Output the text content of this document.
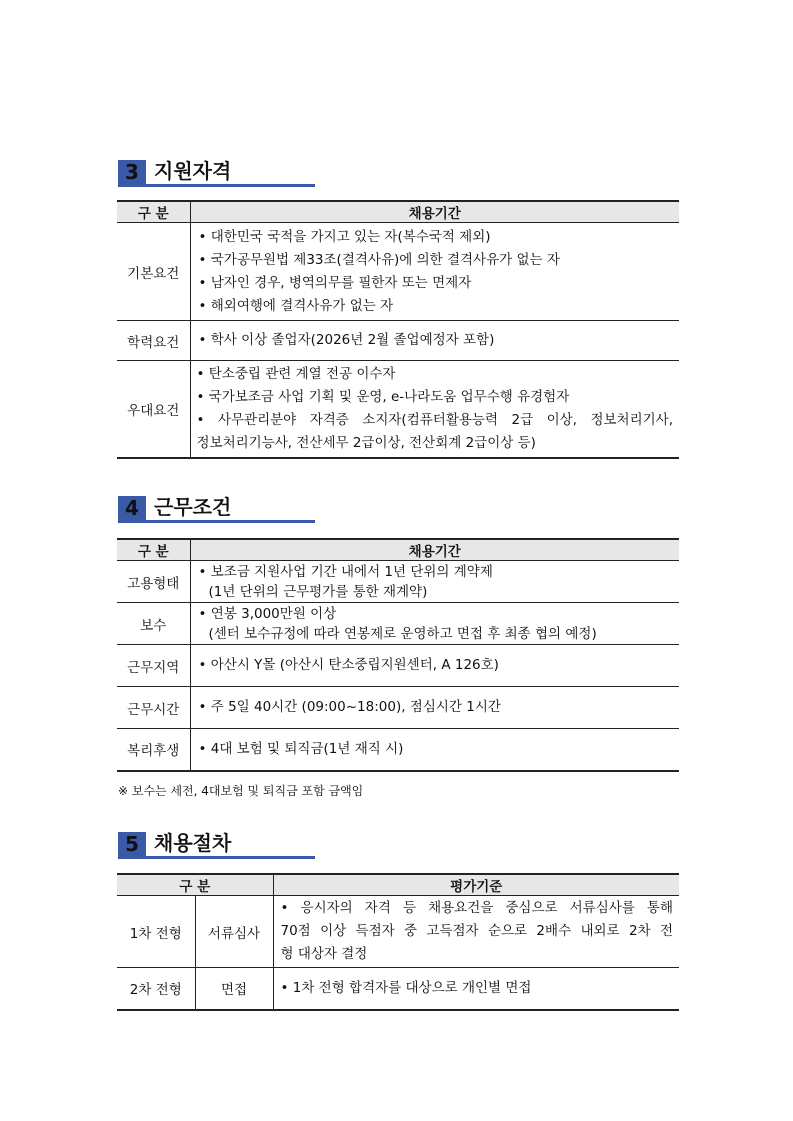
3 지원자격
구 분	채용기간
기본요건	• 대한민국 국적을 가지고 있는 자(복수국적 제외)
• 국가공무원법 제33조(결격사유)에 의한 결격사유가 없는 자
• 남자인 경우, 병역의무를 필한자 또는 면제자
• 해외여행에 결격사유가 없는 자

학력요건	• 학사 이상 졸업자(2026년 2월 졸업예정자 포함)

우대요건	• 탄소중립 관련 계열 전공 이수자
• 국가보조금 사업 기획 및 운영, e-나라도움 업무수행 유경험자
• 사무관리분야 자격증 소지자(컴퓨터활용능력 2급 이상, 정보처리기사,
정보처리기능사, 전산세무 2급이상, 전산회계 2급이상 등)
4 근무조건
구 분	채용기간
고용형태	• 보조금 지원사업 기간 내에서 1년 단위의 계약제
(1년 단위의 근무평가를 통한 재계약)

보수	• 연봉 3,000만원 이상
(센터 보수규정에 따라 연봉제로 운영하고 면접 후 최종 협의 예정)

근무지역	• 아산시 Y몰 (아산시 탄소중립지원센터, A 126호)

근무시간	• 주 5일 40시간 (09:00~18:00), 점심시간 1시간

복리후생	• 4대 보험 및 퇴직금(1년 재직 시)
※ 보수는 세전, 4대보험 및 퇴직금 포함 금액임
5 채용절차
구 분		평가기준
1차 전형	서류심사	• 응시자의 자격 등 채용요건을 중심으로 서류심사를 통해
70점 이상 득점자 중 고득점자 순으로 2배수 내외로 2차 전
형 대상자 결정

2차 전형	면접	• 1차 전형 합격자를 대상으로 개인별 면접
